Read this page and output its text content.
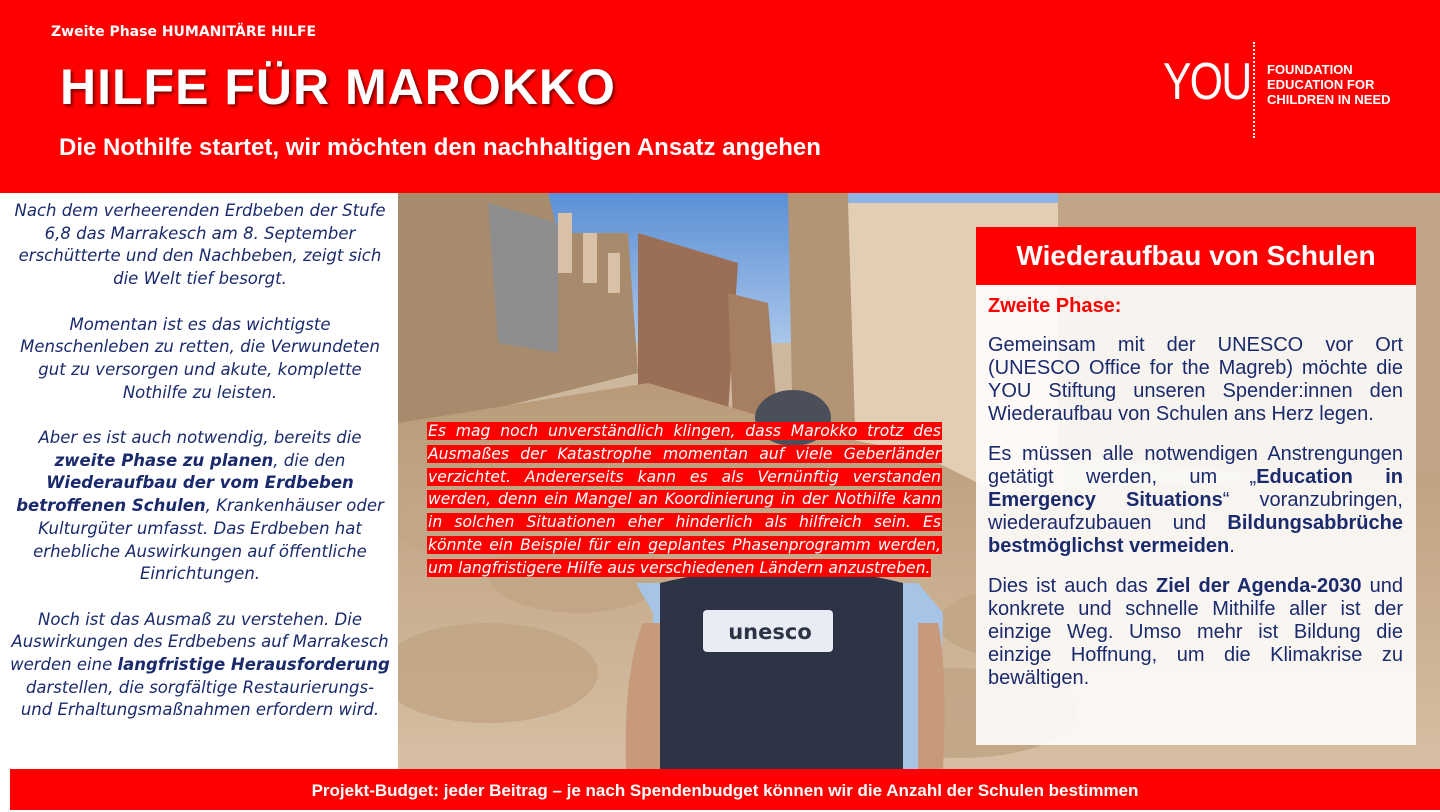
Zweite Phase HUMANITÄRE HILFE
HILFE FÜR MAROKKO
Die Nothilfe startet, wir möchten den nachhaltigen Ansatz angehen
YOU FOUNDATION
EDUCATION FOR
CHILDREN IN NEED

Nach dem verheerenden Erdbeben der Stufe 6,8 das Marrakesch am 8. September erschütterte und den Nachbeben, zeigt sich die Welt tief besorgt.

Momentan ist es das wichtigste Menschenleben zu retten, die Verwundeten gut zu versorgen und akute, komplette Nothilfe zu leisten.

Aber es ist auch notwendig, bereits die zweite Phase zu planen, die den Wiederaufbau der vom Erdbeben betroffenen Schulen, Krankenhäuser oder Kulturgüter umfasst. Das Erdbeben hat erhebliche Auswirkungen auf öffentliche Einrichtungen.

Noch ist das Ausmaß zu verstehen. Die Auswirkungen des Erdbebens auf Marrakesch werden eine langfristige Herausforderung darstellen, die sorgfältige Restaurierungs- und Erhaltungsmaßnahmen erfordern wird.

unesco
Es mag noch unverständlich klingen, dass Marokko trotz des Ausmaßes der Katastrophe momentan auf viele Geberländer verzichtet. Andererseits kann es als Vernünftig verstanden werden, denn ein Mangel an Koordinierung in der Nothilfe kann in solchen Situationen eher hinderlich als hilfreich sein. Es könnte ein Beispiel für ein geplantes Phasenprogramm werden, um langfristigere Hilfe aus verschiedenen Ländern anzustreben.
Wiederaufbau von Schulen
Zweite Phase:

Gemeinsam mit der UNESCO vor Ort (UNESCO Office for the Magreb) möchte die YOU Stiftung unseren Spender:innen den Wiederaufbau von Schulen ans Herz legen.

Es müssen alle notwendigen Anstrengungen getätigt werden, um „Education in Emergency Situations“ voranzubringen, wiederaufzubauen und Bildungsabbrüche bestmöglichst vermeiden.

Dies ist auch das Ziel der Agenda-2030 und konkrete und schnelle Mithilfe aller ist der einzige Weg. Umso mehr ist Bildung die einzige Hoffnung, um die Klimakrise zu bewältigen.

Projekt-Budget: jeder Beitrag – je nach Spendenbudget können wir die Anzahl der Schulen bestimmen
